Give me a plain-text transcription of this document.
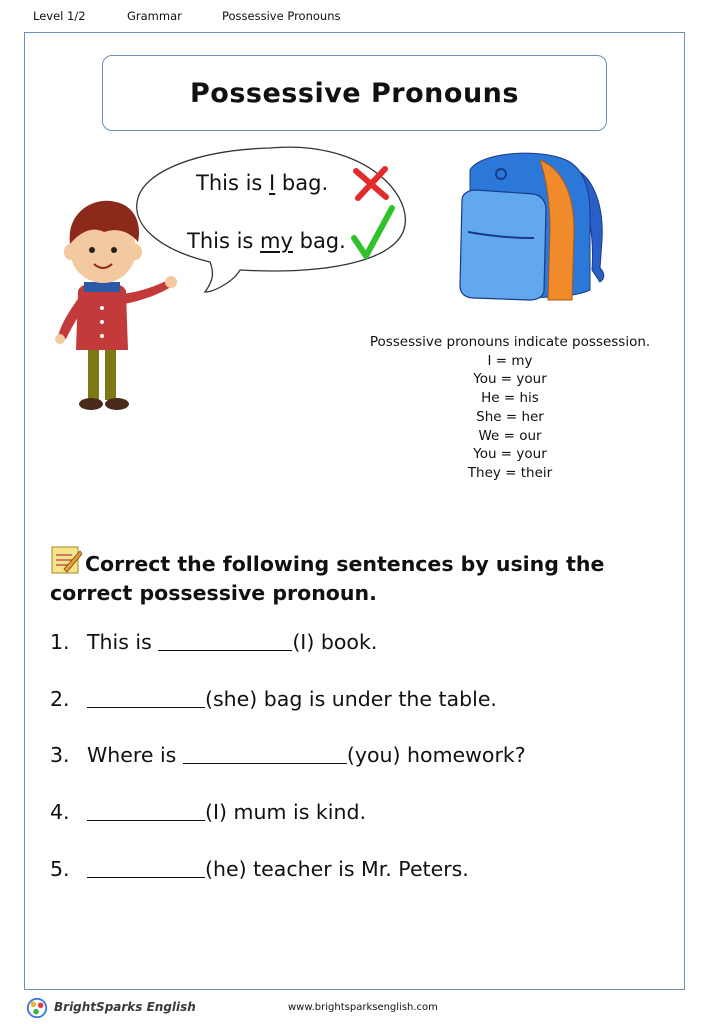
Level 1/2	Grammar	Possessive Pronouns
Possessive Pronouns
This is I bag.
This is my bag.
Possessive pronouns indicate possession.
I = my
You = your
He = his
She = her
We = our
You = your
They = their
Correct the following sentences by using the correct possessive pronoun.
1. This is	(I) book.
2.	(she) bag is under the table.
3. Where is	(you) homework?
4.	(I) mum is kind.
5.	(he) teacher is Mr. Peters.
BrightSparks English	www.brightsparksenglish.com
